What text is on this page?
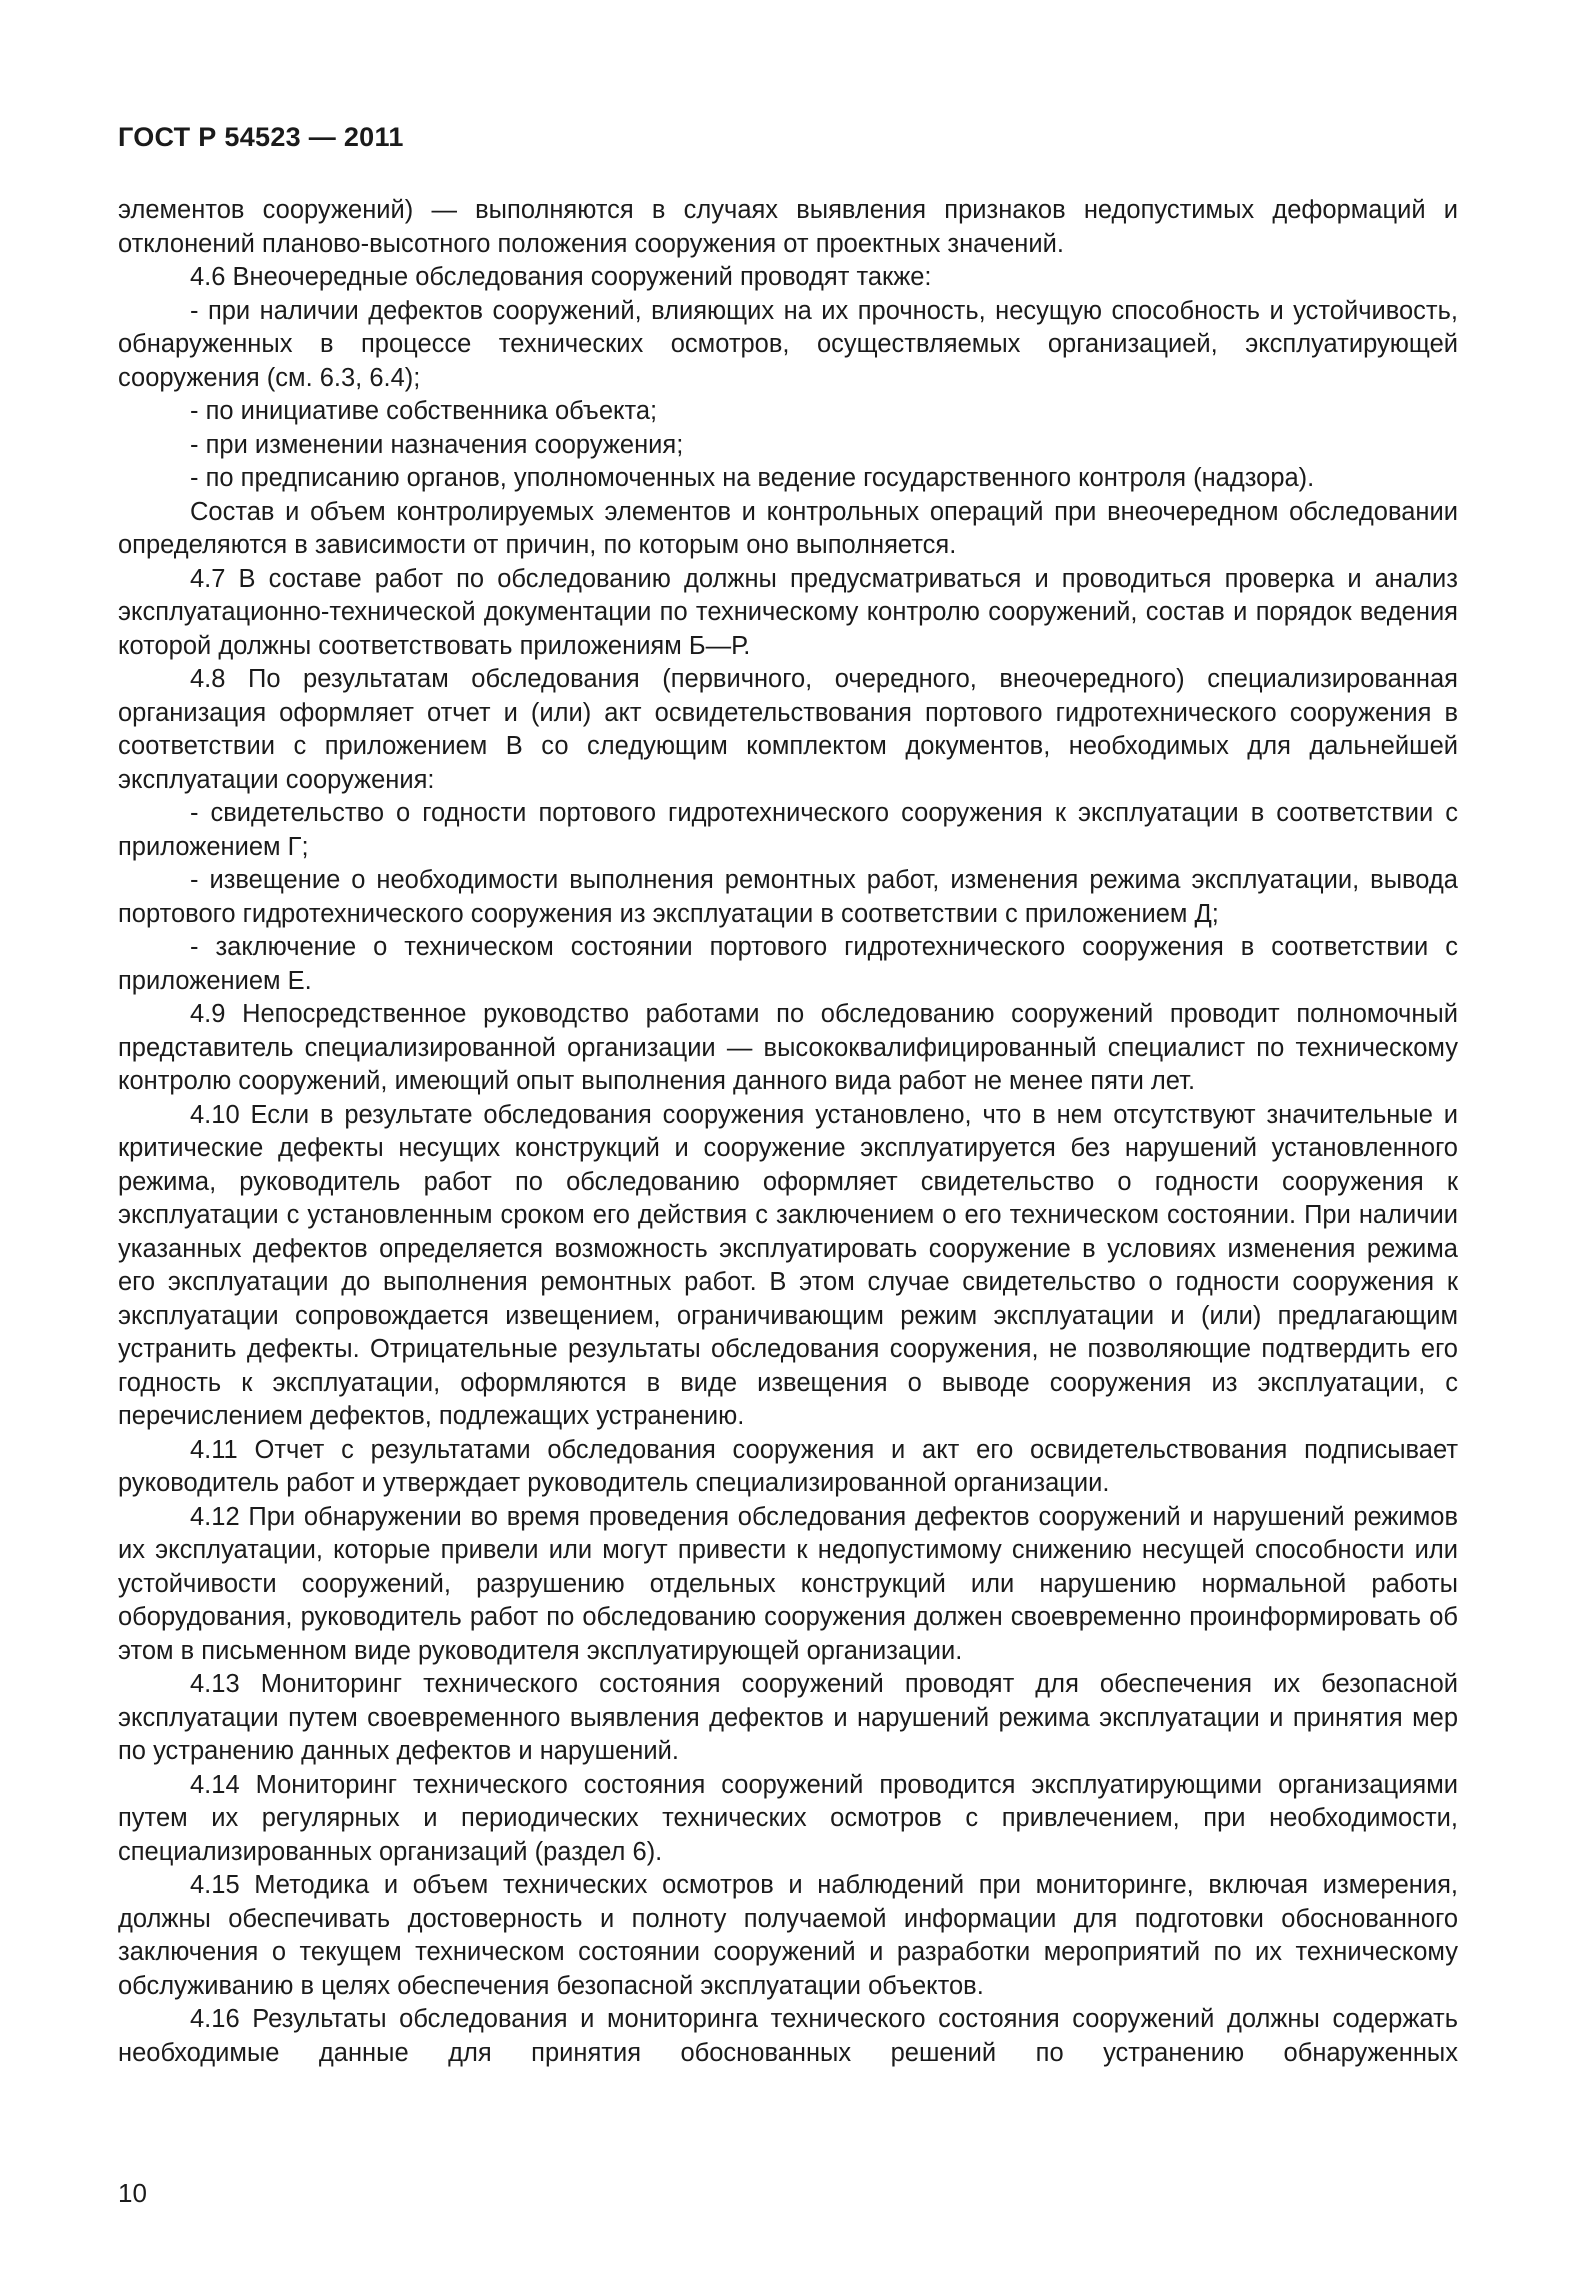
ГОСТ Р 54523 — 2011

элементов сооружений) — выполняются в случаях выявления признаков недопустимых деформаций и отклонений планово-высотного положения сооружения от проектных значений.

4.6 Внеочередные обследования сооружений проводят также:

- при наличии дефектов сооружений, влияющих на их прочность, несущую способность и устойчивость, обнаруженных в процессе технических осмотров, осуществляемых организацией, эксплуатирующей сооружения (см. 6.3, 6.4);

- по инициативе собственника объекта;

- при изменении назначения сооружения;

- по предписанию органов, уполномоченных на ведение государственного контроля (надзора).

Состав и объем контролируемых элементов и контрольных операций при внеочередном обследовании определяются в зависимости от причин, по которым оно выполняется.

4.7 В составе работ по обследованию должны предусматриваться и проводиться проверка и анализ эксплуатационно-технической документации по техническому контролю сооружений, состав и порядок ведения которой должны соответствовать приложениям Б—Р.

4.8 По результатам обследования (первичного, очередного, внеочередного) специализированная организация оформляет отчет и (или) акт освидетельствования портового гидротехнического сооружения в соответствии с приложением В со следующим комплектом документов, необходимых для дальнейшей эксплуатации сооружения:

- свидетельство о годности портового гидротехнического сооружения к эксплуатации в соответствии с приложением Г;

- извещение о необходимости выполнения ремонтных работ, изменения режима эксплуатации, вывода портового гидротехнического сооружения из эксплуатации в соответствии с приложением Д;

- заключение о техническом состоянии портового гидротехнического сооружения в соответствии с приложением Е.

4.9 Непосредственное руководство работами по обследованию сооружений проводит полномочный представитель специализированной организации — высококвалифицированный специалист по техническому контролю сооружений, имеющий опыт выполнения данного вида работ не менее пяти лет.

4.10 Если в результате обследования сооружения установлено, что в нем отсутствуют значительные и критические дефекты несущих конструкций и сооружение эксплуатируется без нарушений установленного режима, руководитель работ по обследованию оформляет свидетельство о годности сооружения к эксплуатации с установленным сроком его действия с заключением о его техническом состоянии. При наличии указанных дефектов определяется возможность эксплуатировать сооружение в условиях изменения режима его эксплуатации до выполнения ремонтных работ. В этом случае свидетельство о годности сооружения к эксплуатации сопровождается извещением, ограничивающим режим эксплуатации и (или) предлагающим устранить дефекты. Отрицательные результаты обследования сооружения, не позволяющие подтвердить его годность к эксплуатации, оформляются в виде извещения о выводе сооружения из эксплуатации, с перечислением дефектов, подлежащих устранению.

4.11 Отчет с результатами обследования сооружения и акт его освидетельствования подписывает руководитель работ и утверждает руководитель специализированной организации.

4.12 При обнаружении во время проведения обследования дефектов сооружений и нарушений режимов их эксплуатации, которые привели или могут привести к недопустимому снижению несущей способности или устойчивости сооружений, разрушению отдельных конструкций или нарушению нормальной работы оборудования, руководитель работ по обследованию сооружения должен своевременно проинформировать об этом в письменном виде руководителя эксплуатирующей организации.

4.13 Мониторинг технического состояния сооружений проводят для обеспечения их безопасной эксплуатации путем своевременного выявления дефектов и нарушений режима эксплуатации и принятия мер по устранению данных дефектов и нарушений.

4.14 Мониторинг технического состояния сооружений проводится эксплуатирующими организациями путем их регулярных и периодических технических осмотров с привлечением, при необходимости, специализированных организаций (раздел 6).

4.15 Методика и объем технических осмотров и наблюдений при мониторинге, включая измерения, должны обеспечивать достоверность и полноту получаемой информации для подготовки обоснованного заключения о текущем техническом состоянии сооружений и разработки мероприятий по их техническому обслуживанию в целях обеспечения безопасной эксплуатации объектов.

4.16 Результаты обследования и мониторинга технического состояния сооружений должны содержать необходимые данные для принятия обоснованных решений по устранению обнаруженных

10
